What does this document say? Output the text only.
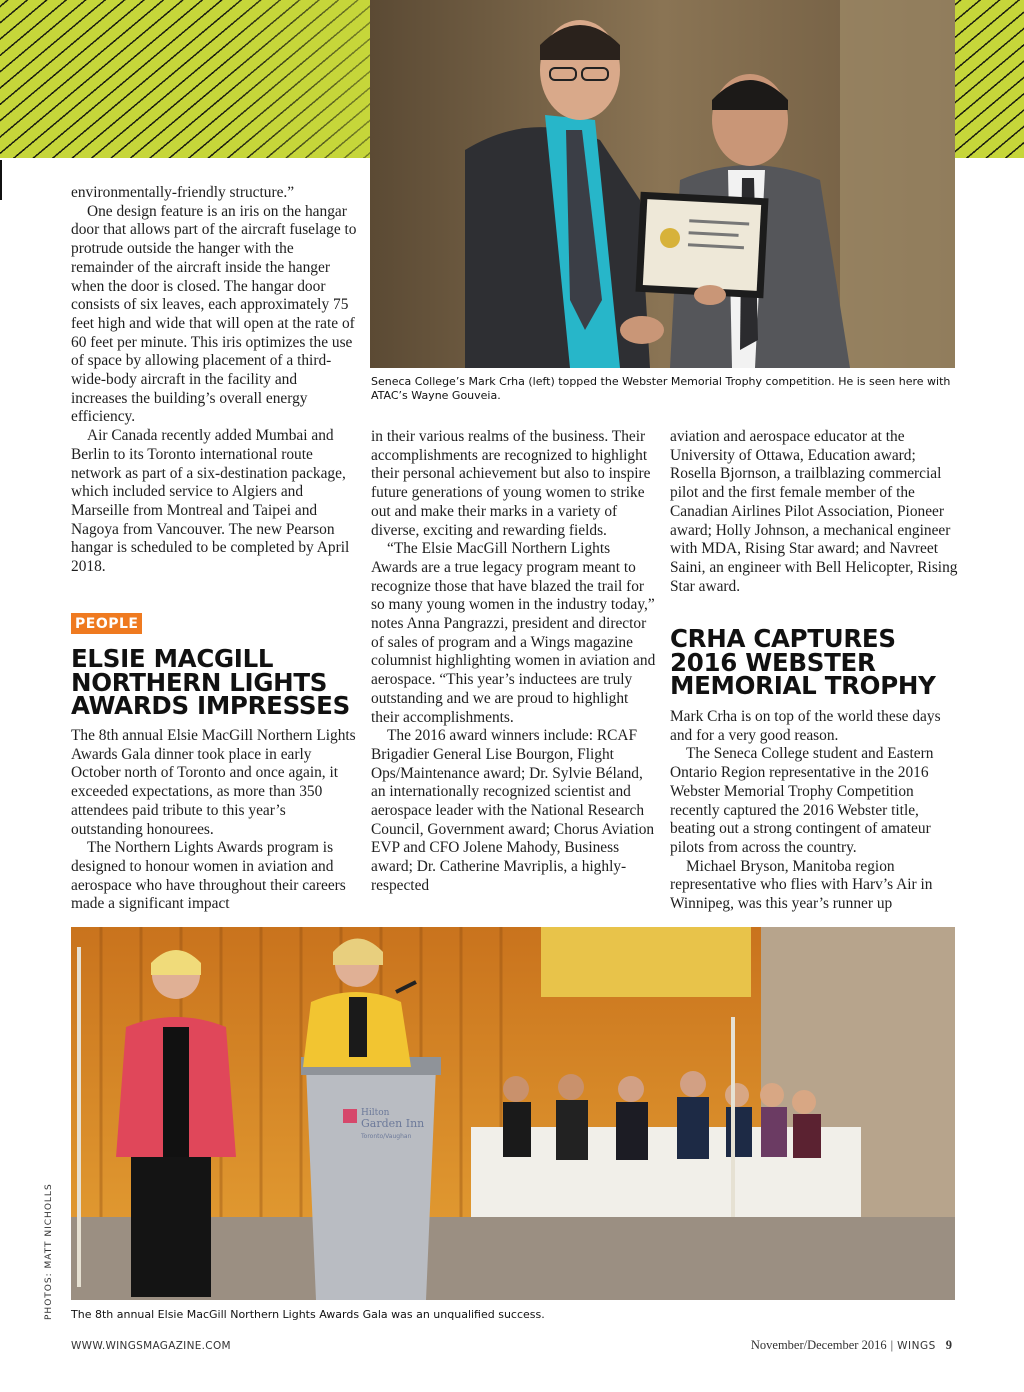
Seneca College’s Mark Crha (left) topped the Webster Memorial Trophy competition. He is seen here with ATAC’s Wayne Gouveia.

environmentally-friendly structure.”

One design feature is an iris on the hangar door that allows part of the aircraft fuselage to protrude outside the hanger with the remainder of the aircraft inside the hanger when the door is closed. The hangar door consists of six leaves, each approximately 75 feet high and wide that will open at the rate of 60 feet per minute. This iris optimizes the use of space by allowing placement of a third-wide-body aircraft in the facility and increases the building’s overall energy efficiency.

Air Canada recently added Mumbai and Berlin to its Toronto international route network as part of a six-destination package, which included service to Algiers and Marseille from Montreal and Taipei and Nagoya from Vancouver. The new Pearson hangar is scheduled to be completed by April 2018.

PEOPLE
ELSIE MACGILL NORTHERN LIGHTS AWARDS IMPRESSES

The 8th annual Elsie MacGill Northern Lights Awards Gala dinner took place in early October north of Toronto and once again, it exceeded expectations, as more than 350 attendees paid tribute to this year’s outstanding honourees.

The Northern Lights Awards program is designed to honour women in aviation and aerospace who have throughout their careers made a significant impact

in their various realms of the business. Their accomplishments are recognized to highlight their personal achievement but also to inspire future generations of young women to strike out and make their marks in a variety of diverse, exciting and rewarding fields.

“The Elsie MacGill Northern Lights Awards are a true legacy program meant to recognize those that have blazed the trail for so many young women in the industry today,” notes Anna Pangrazzi, president and director of sales of program and a Wings magazine columnist highlighting women in aviation and aerospace. “This year’s inductees are truly outstanding and we are proud to highlight their accomplishments.

The 2016 award winners include: RCAF Brigadier General Lise Bourgon, Flight Ops/Maintenance award; Dr. Sylvie Béland, an internationally recognized scientist and aerospace leader with the National Research Council, Government award; Chorus Aviation EVP and CFO Jolene Mahody, Business award; Dr. Catherine Mavriplis, a highly-respected

aviation and aerospace educator at the University of Ottawa, Education award; Rosella Bjornson, a trailblazing commercial pilot and the first female member of the Canadian Airlines Pilot Association, Pioneer award; Holly Johnson, a mechanical engineer with MDA, Rising Star award; and Navreet Saini, an engineer with Bell Helicopter, Rising Star award.

CRHA CAPTURES 2016 WEBSTER MEMORIAL TROPHY

Mark Crha is on top of the world these days and for a very good reason.

The Seneca College student and Eastern Ontario Region representative in the 2016 Webster Memorial Trophy Competition recently captured the 2016 Webster title, beating out a strong contingent of amateur pilots from across the country.

Michael Bryson, Manitoba region representative who flies with Harv’s Air in Winnipeg, was this year’s runner up

Hilton
Garden Inn
Toronto/Vaughan
PHOTOS: MATT NICHOLLS The 8th annual Elsie MacGill Northern Lights Awards Gala was an unqualified success.
WWW.WINGSMAGAZINE.COM	November/December 2016 | WINGS 9
